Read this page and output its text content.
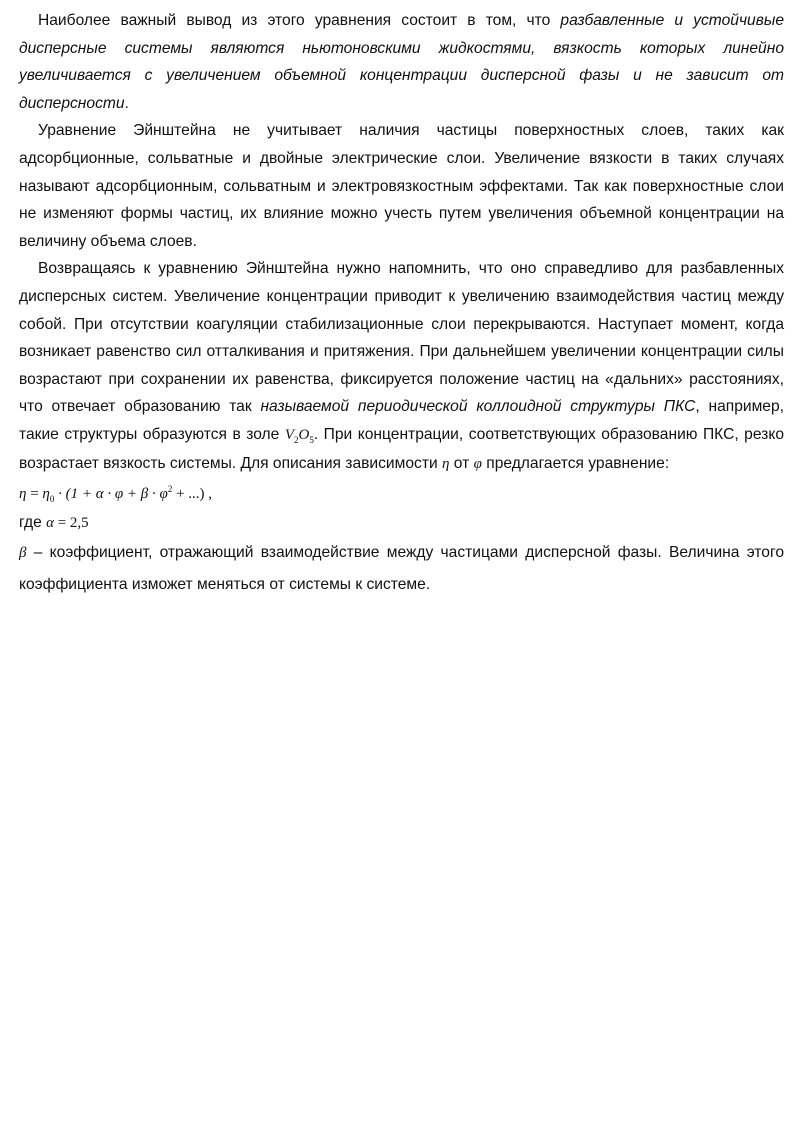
Наиболее важный вывод из этого уравнения состоит в том, что разбавленные и устойчивые дисперсные системы являются ньютоновскими жидкостями, вязкость которых линейно увеличивается с увеличением объемной концентрации дисперсной фазы и не зависит от дисперсности.

Уравнение Эйнштейна не учитывает наличия частицы поверхностных слоев, таких как адсорбционные, сольватные и двойные электрические слои. Увеличение вязкости в таких случаях называют адсорбционным, сольватным и электровязкостным эффектами. Так как поверхностные слои не изменяют формы частиц, их влияние можно учесть путем увеличения объемной концентрации на величину объема слоев.

Возвращаясь к уравнению Эйнштейна нужно напомнить, что оно справедливо для разбавленных дисперсных систем. Увеличение концентрации приводит к увеличению взаимодействия частиц между собой. При отсутствии коагуляции стабилизационные слои перекрываются. Наступает момент, когда возникает равенство сил отталкивания и притяжения. При дальнейшем увеличении концентрации силы возрастают при сохранении их равенства, фиксируется положение частиц на «дальних» расстояниях, что отвечает образованию так называемой периодической коллоидной структуры ПКС, например, такие структуры образуются в золе $V_2O_5$. При концентрации, соответствующих образованию ПКС, резко возрастает вязкость системы. Для описания зависимости η от φ предлагается уравнение:

$\eta = \eta_0 \cdot (1 + \alpha \cdot \varphi + \beta \cdot \varphi^2$ + ...) ,

где α = 2,5

β – коэффициент, отражающий взаимодействие между частицами дисперсной фазы. Величина этого коэффициента изможет меняться от системы к системе.
